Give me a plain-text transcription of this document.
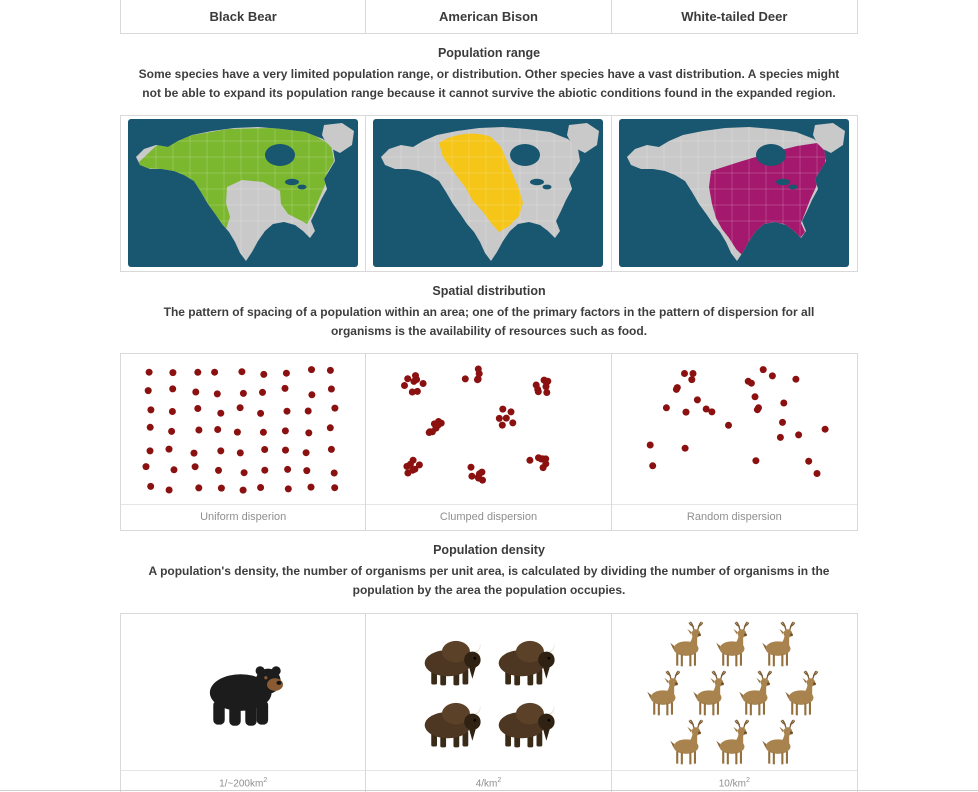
Black Bear	American Bison	White-tailed Deer
Population range
Some species have a very limited population range, or distribution. Other species have a vast distribution. A species might not be able to expand its population range because it cannot survive the abiotic conditions found in the expanded region.
Spatial distribution
The pattern of spacing of a population within an area; one of the primary factors in the pattern of dispersion for all organisms is the availability of resources such as food.
Uniform disperion	Clumped dispersion	Random dispersion
Population density
A population's density, the number of organisms per unit area, is calculated by dividing the number of organisms in the population by the area the population occupies.
$1/\sim 200km^2$	$4/km^2$	$10/km^2$
